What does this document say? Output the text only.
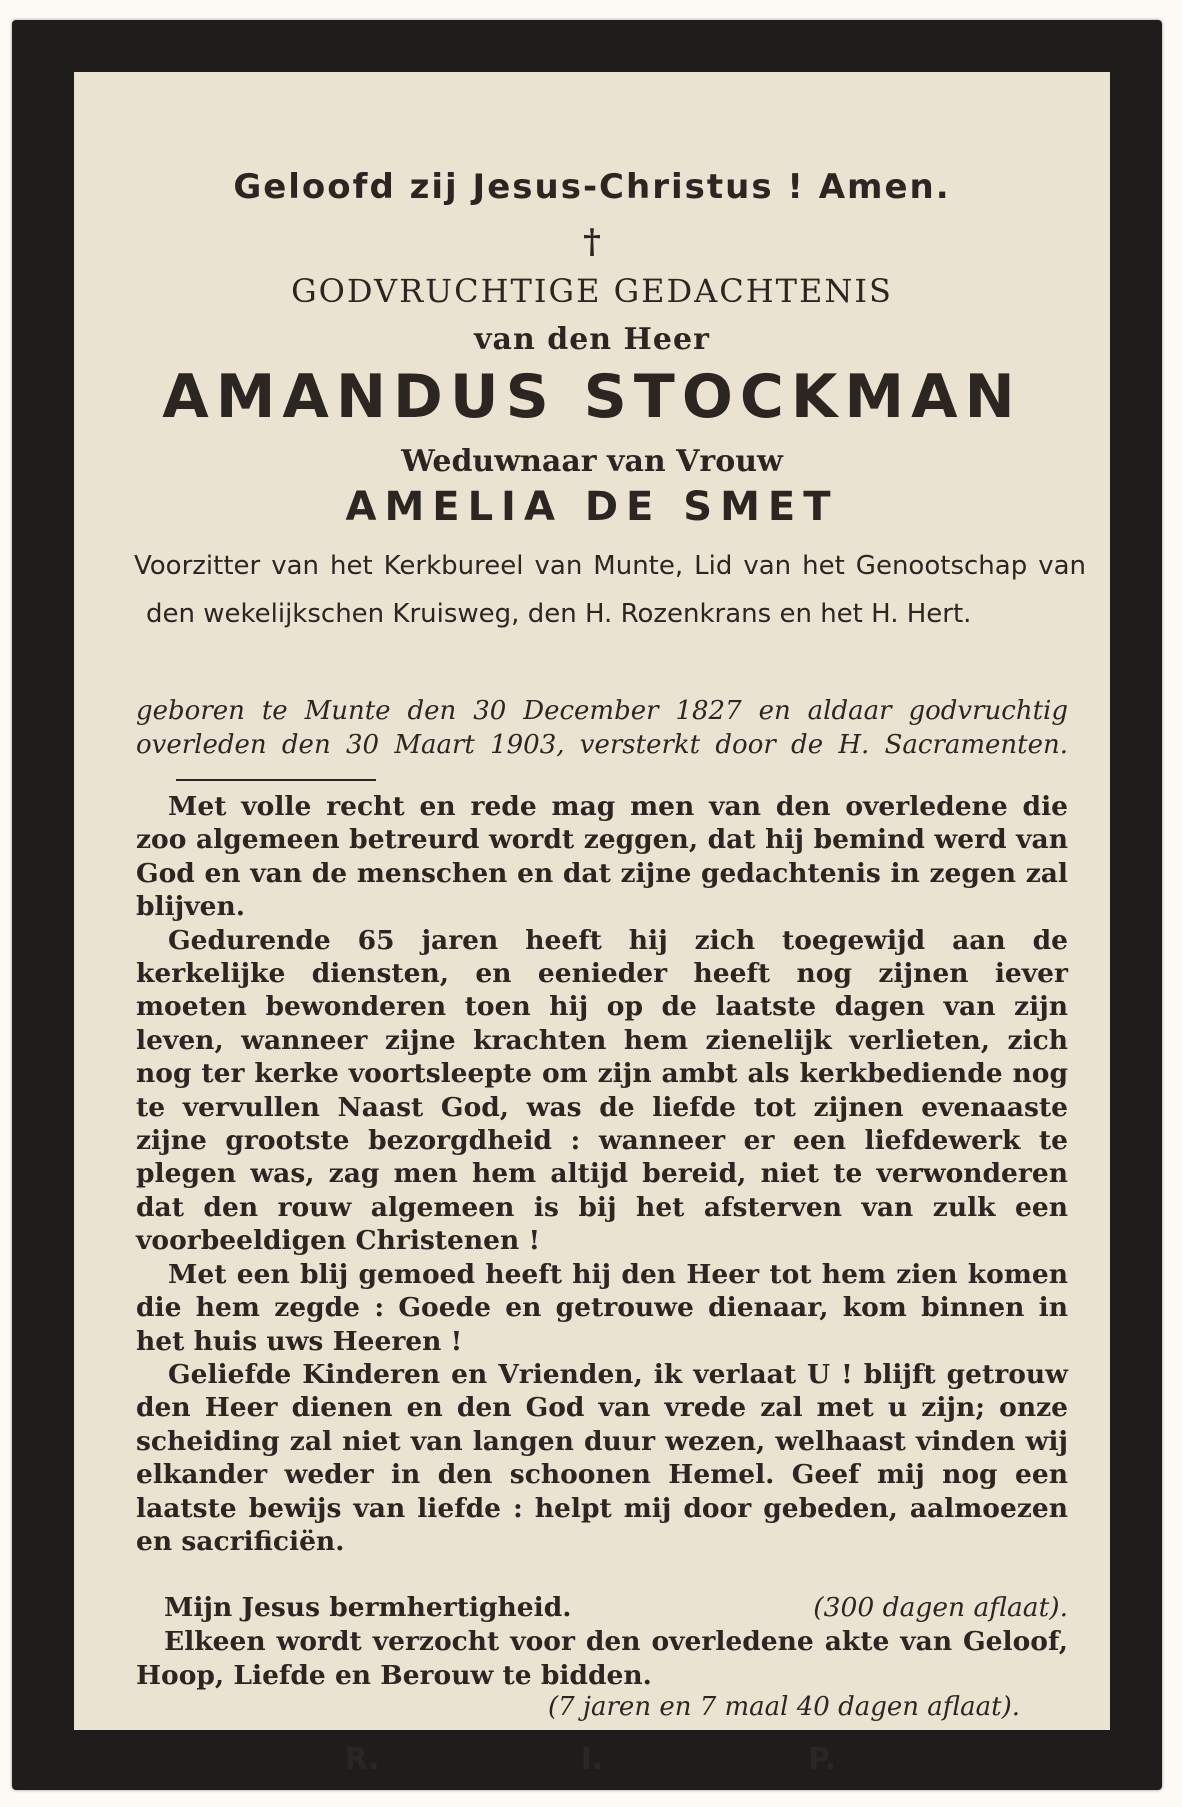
Geloofd zij Jesus-Christus ! Amen.
†
GODVRUCHTIGE GEDACHTENIS
van den Heer
AMANDUS STOCKMAN
Weduwnaar van Vrouw
AMELIA DE SMET
Voorzitter van het Kerkbureel van Munte, Lid van het Genootschap van den wekelijkschen Kruisweg, den H. Rozenkrans en het H. Hert.
geboren te Munte den 30 December 1827 en aldaar godvruchtig overleden den 30 Maart 1903, versterkt door de H. Sacramenten.

Met volle recht en rede mag men van den overledene die zoo algemeen betreurd wordt zeggen, dat hij bemind werd van God en van de menschen en dat zijne gedachtenis in zegen zal blijven.

Gedurende 65 jaren heeft hij zich toegewijd aan de kerkelijke diensten, en eenieder heeft nog zijnen iever moeten bewonderen toen hij op de laatste dagen van zijn leven, wanneer zijne krachten hem zienelijk verlieten, zich nog ter kerke voortsleepte om zijn ambt als kerkbediende nog te vervullen Naast God, was de liefde tot zijnen evenaaste zijne grootste bezorgdheid : wanneer er een liefdewerk te plegen was, zag men hem altijd bereid, niet te verwonderen dat den rouw algemeen is bij het afsterven van zulk een voorbeeldigen Christenen !

Met een blij gemoed heeft hij den Heer tot hem zien komen die hem zegde : Goede en getrouwe dienaar, kom binnen in het huis uws Heeren !

Geliefde Kinderen en Vrienden, ik verlaat U ! blijft getrouw den Heer dienen en den God van vrede zal met u zijn; onze scheiding zal niet van langen duur wezen, welhaast vinden wij elkander weder in den schoonen Hemel. Geef mij nog een laatste bewijs van liefde : helpt mij door gebeden, aalmoezen en sacrificiën.

Mijn Jesus bermhertigheid.	(300 dagen aflaat).
Elkeen wordt verzocht voor den overledene akte van Geloof, Hoop, Liefde en Berouw te bidden.
(7 jaren en 7 maal 40 dagen aflaat).
R.	I.	P.
